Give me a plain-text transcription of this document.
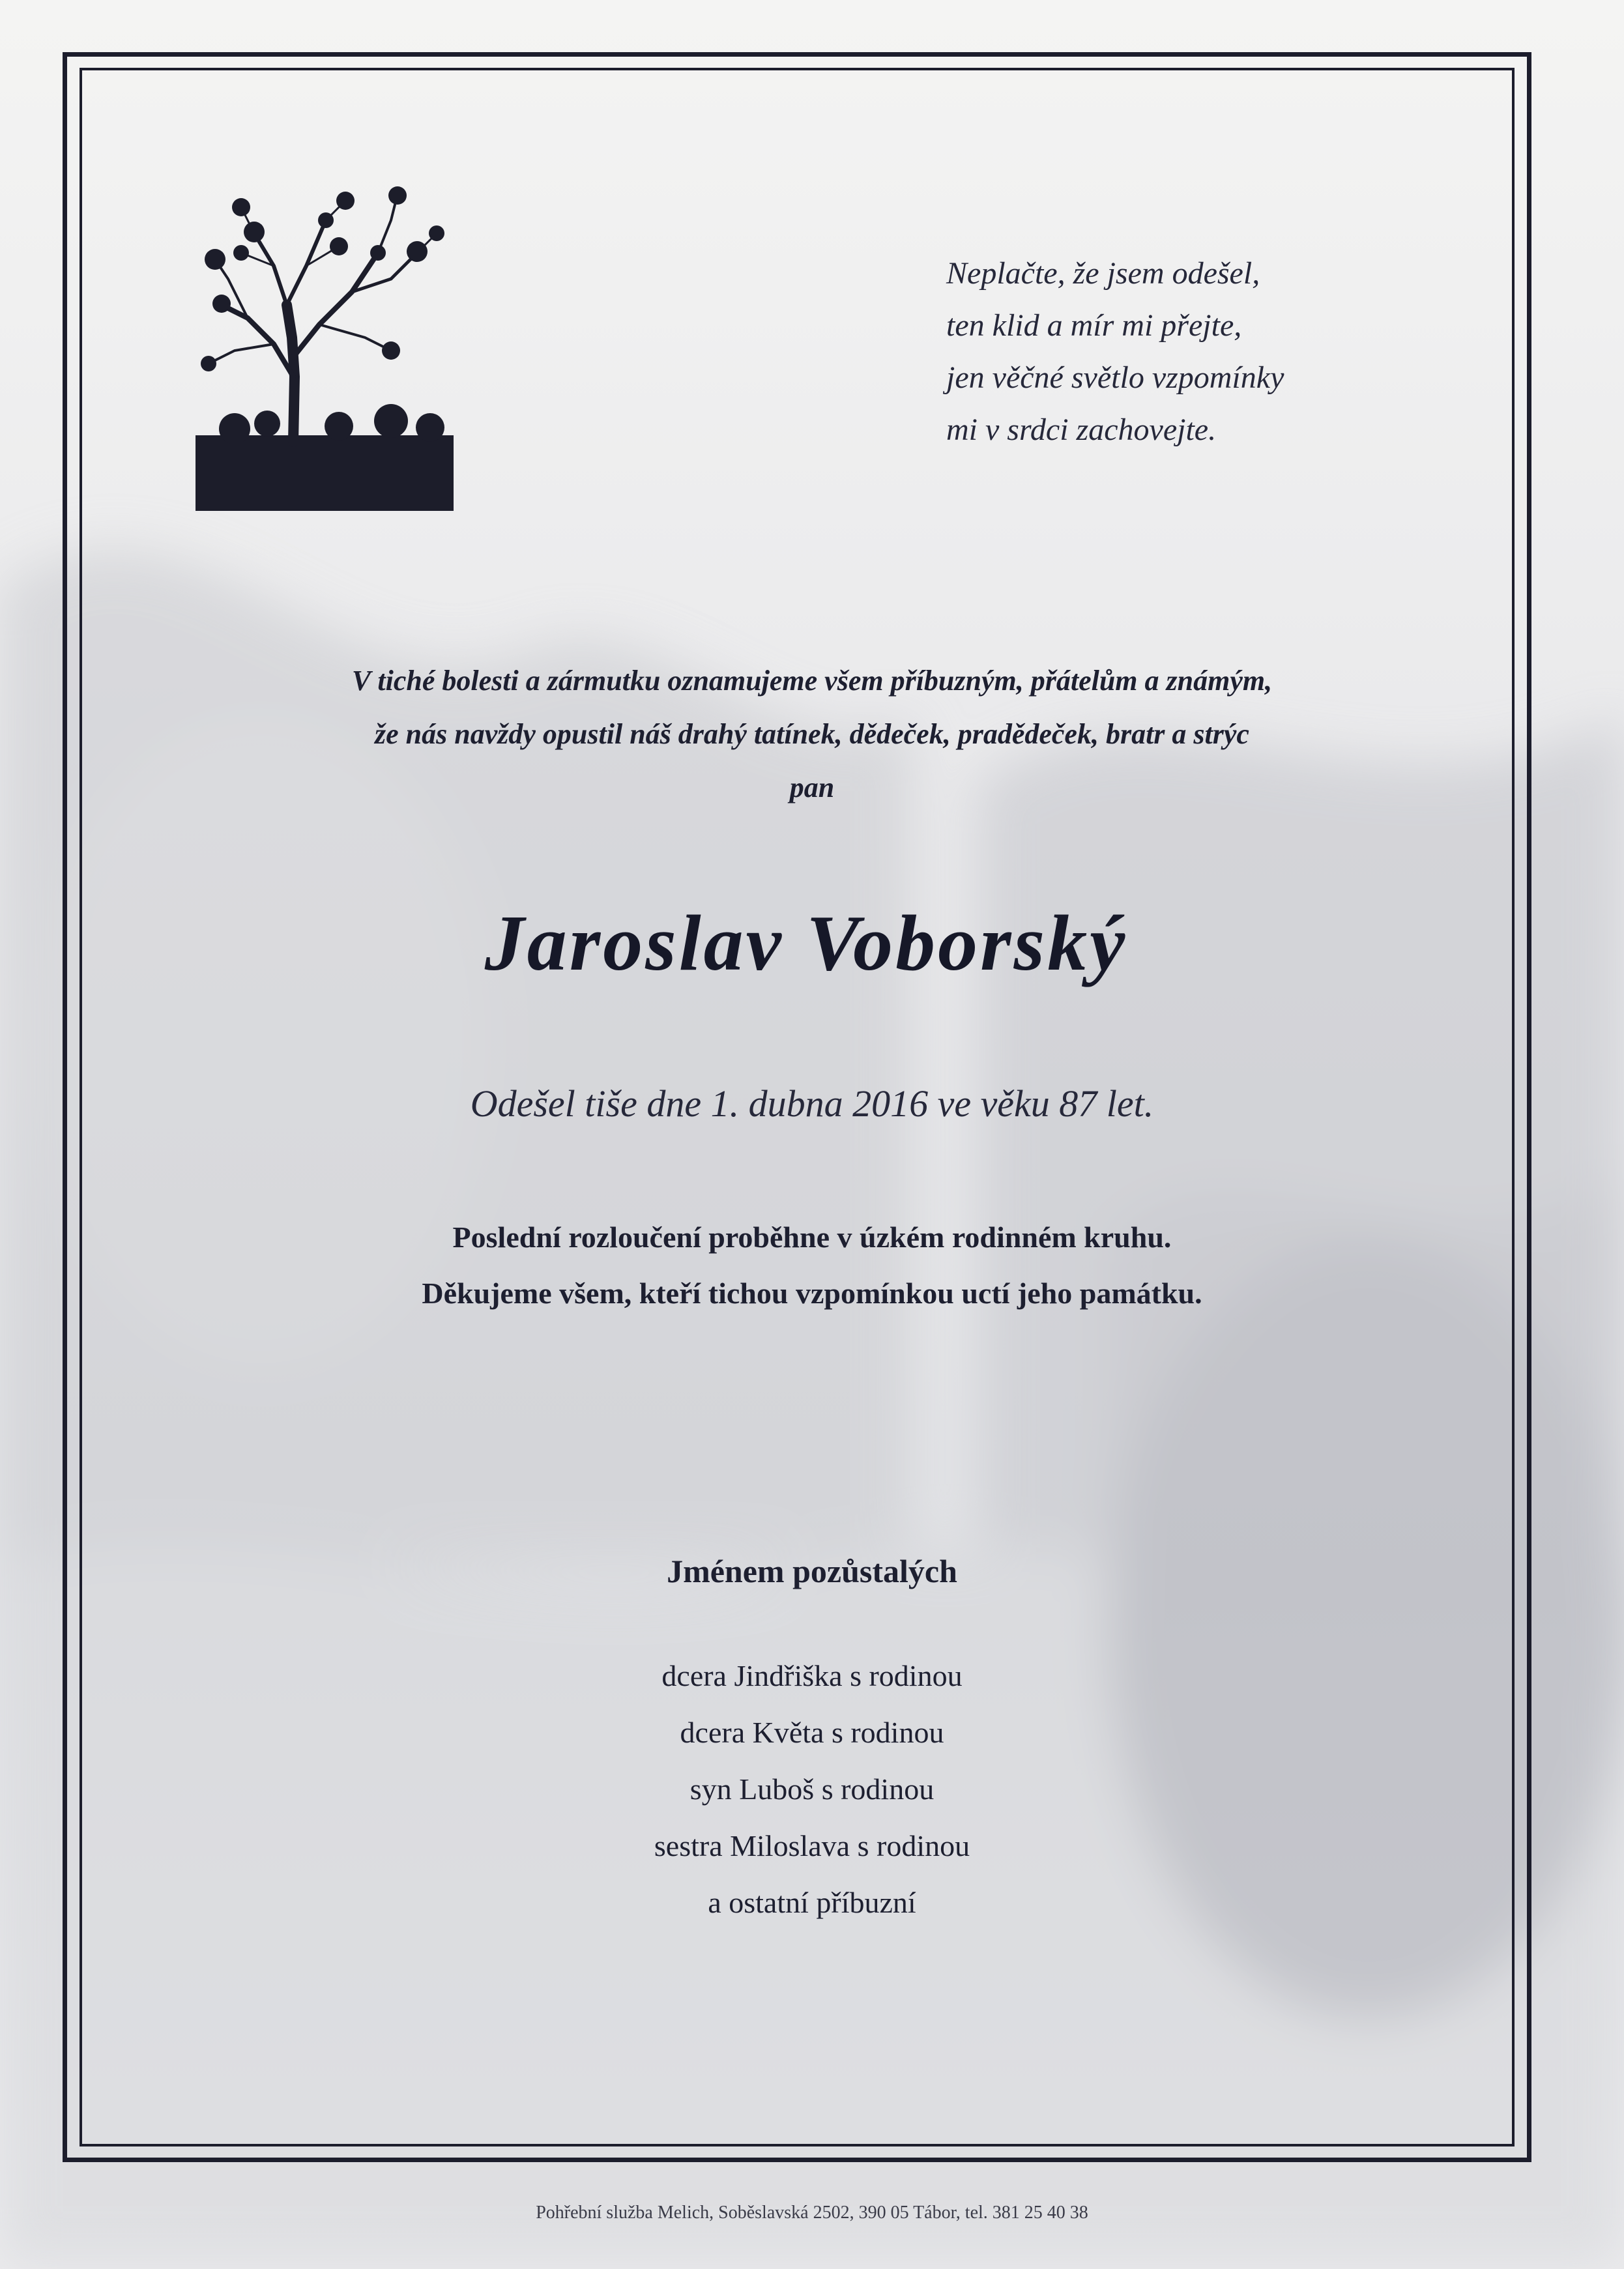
Neplačte, že jsem odešel,
ten klid a mír mi přejte,
jen věčné světlo vzpomínky
mi v srdci zachovejte.
V tiché bolesti a zármutku oznamujeme všem příbuzným, přátelům a známým,
že nás navždy opustil náš drahý tatínek, dědeček, pradědeček, bratr a strýc
pan
Jaroslav Voborský
Odešel tiše dne 1. dubna 2016 ve věku 87 let.
Poslední rozloučení proběhne v úzkém rodinném kruhu.
Děkujeme všem, kteří tichou vzpomínkou uctí jeho památku.
Jménem pozůstalých
dcera Jindřiška s rodinou
dcera Květa s rodinou
syn Luboš s rodinou
sestra Miloslava s rodinou
a ostatní příbuzní
Pohřební služba Melich, Soběslavská 2502, 390 05 Tábor, tel. 381 25 40 38
